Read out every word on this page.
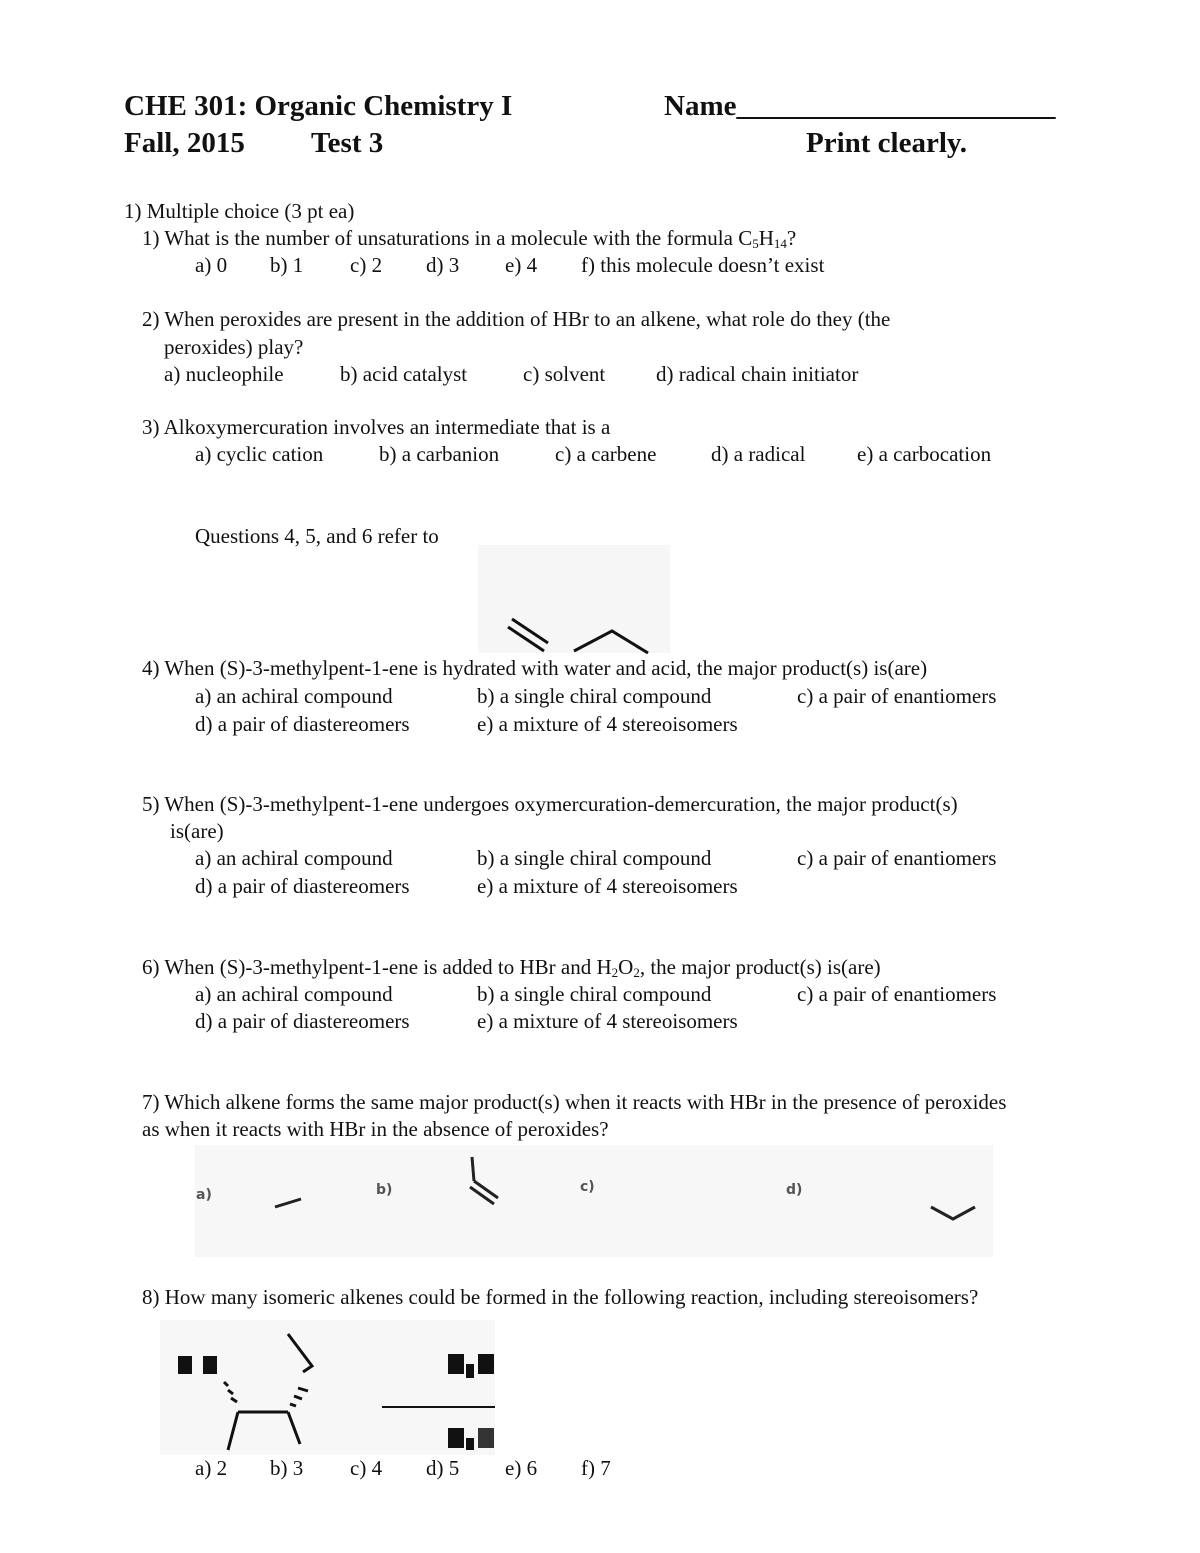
CHE 301: Organic Chemistry I	Name______________________
Fall, 2015 Test 3	Print clearly.
1) Multiple choice (3 pt ea)
1) What is the number of unsaturations in a molecule with the formula $C_5H_{14}$?
a) 0 b) 1 c) 2 d) 3 e) 4 f) this molecule doesn’t exist
2) When peroxides are present in the addition of HBr to an alkene, what role do they (the
peroxides) play?
a) nucleophile	b) acid catalyst	c) solvent d) radical chain initiator
3) Alkoxymercuration involves an intermediate that is a
a) cyclic cation	b) a carbanion	c) a carbene	d) a radical e) a carbocation
Questions 4, 5, and 6 refer to
4) When (S)-3-methylpent-1-ene is hydrated with water and acid, the major product(s) is(are)
a) an achiral compound	b) a single chiral compound	c) a pair of enantiomers
d) a pair of diastereomers	e) a mixture of 4 stereoisomers
5) When (S)-3-methylpent-1-ene undergoes oxymercuration-demercuration, the major product(s)
is(are)
a) an achiral compound	b) a single chiral compound	c) a pair of enantiomers
d) a pair of diastereomers	e) a mixture of 4 stereoisomers
6) When (S)-3-methylpent-1-ene is added to HBr and $H_2O_2$, the major product(s) is(are)
a) an achiral compound	b) a single chiral compound	c) a pair of enantiomers
d) a pair of diastereomers	e) a mixture of 4 stereoisomers
7) Which alkene forms the same major product(s) when it reacts with HBr in the presence of peroxides
as when it reacts with HBr in the absence of peroxides?
a)	b)	c)	d)
8) How many isomeric alkenes could be formed in the following reaction, including stereoisomers?
a) 2 b) 3 c) 4 d) 5 e) 6 f) 7
